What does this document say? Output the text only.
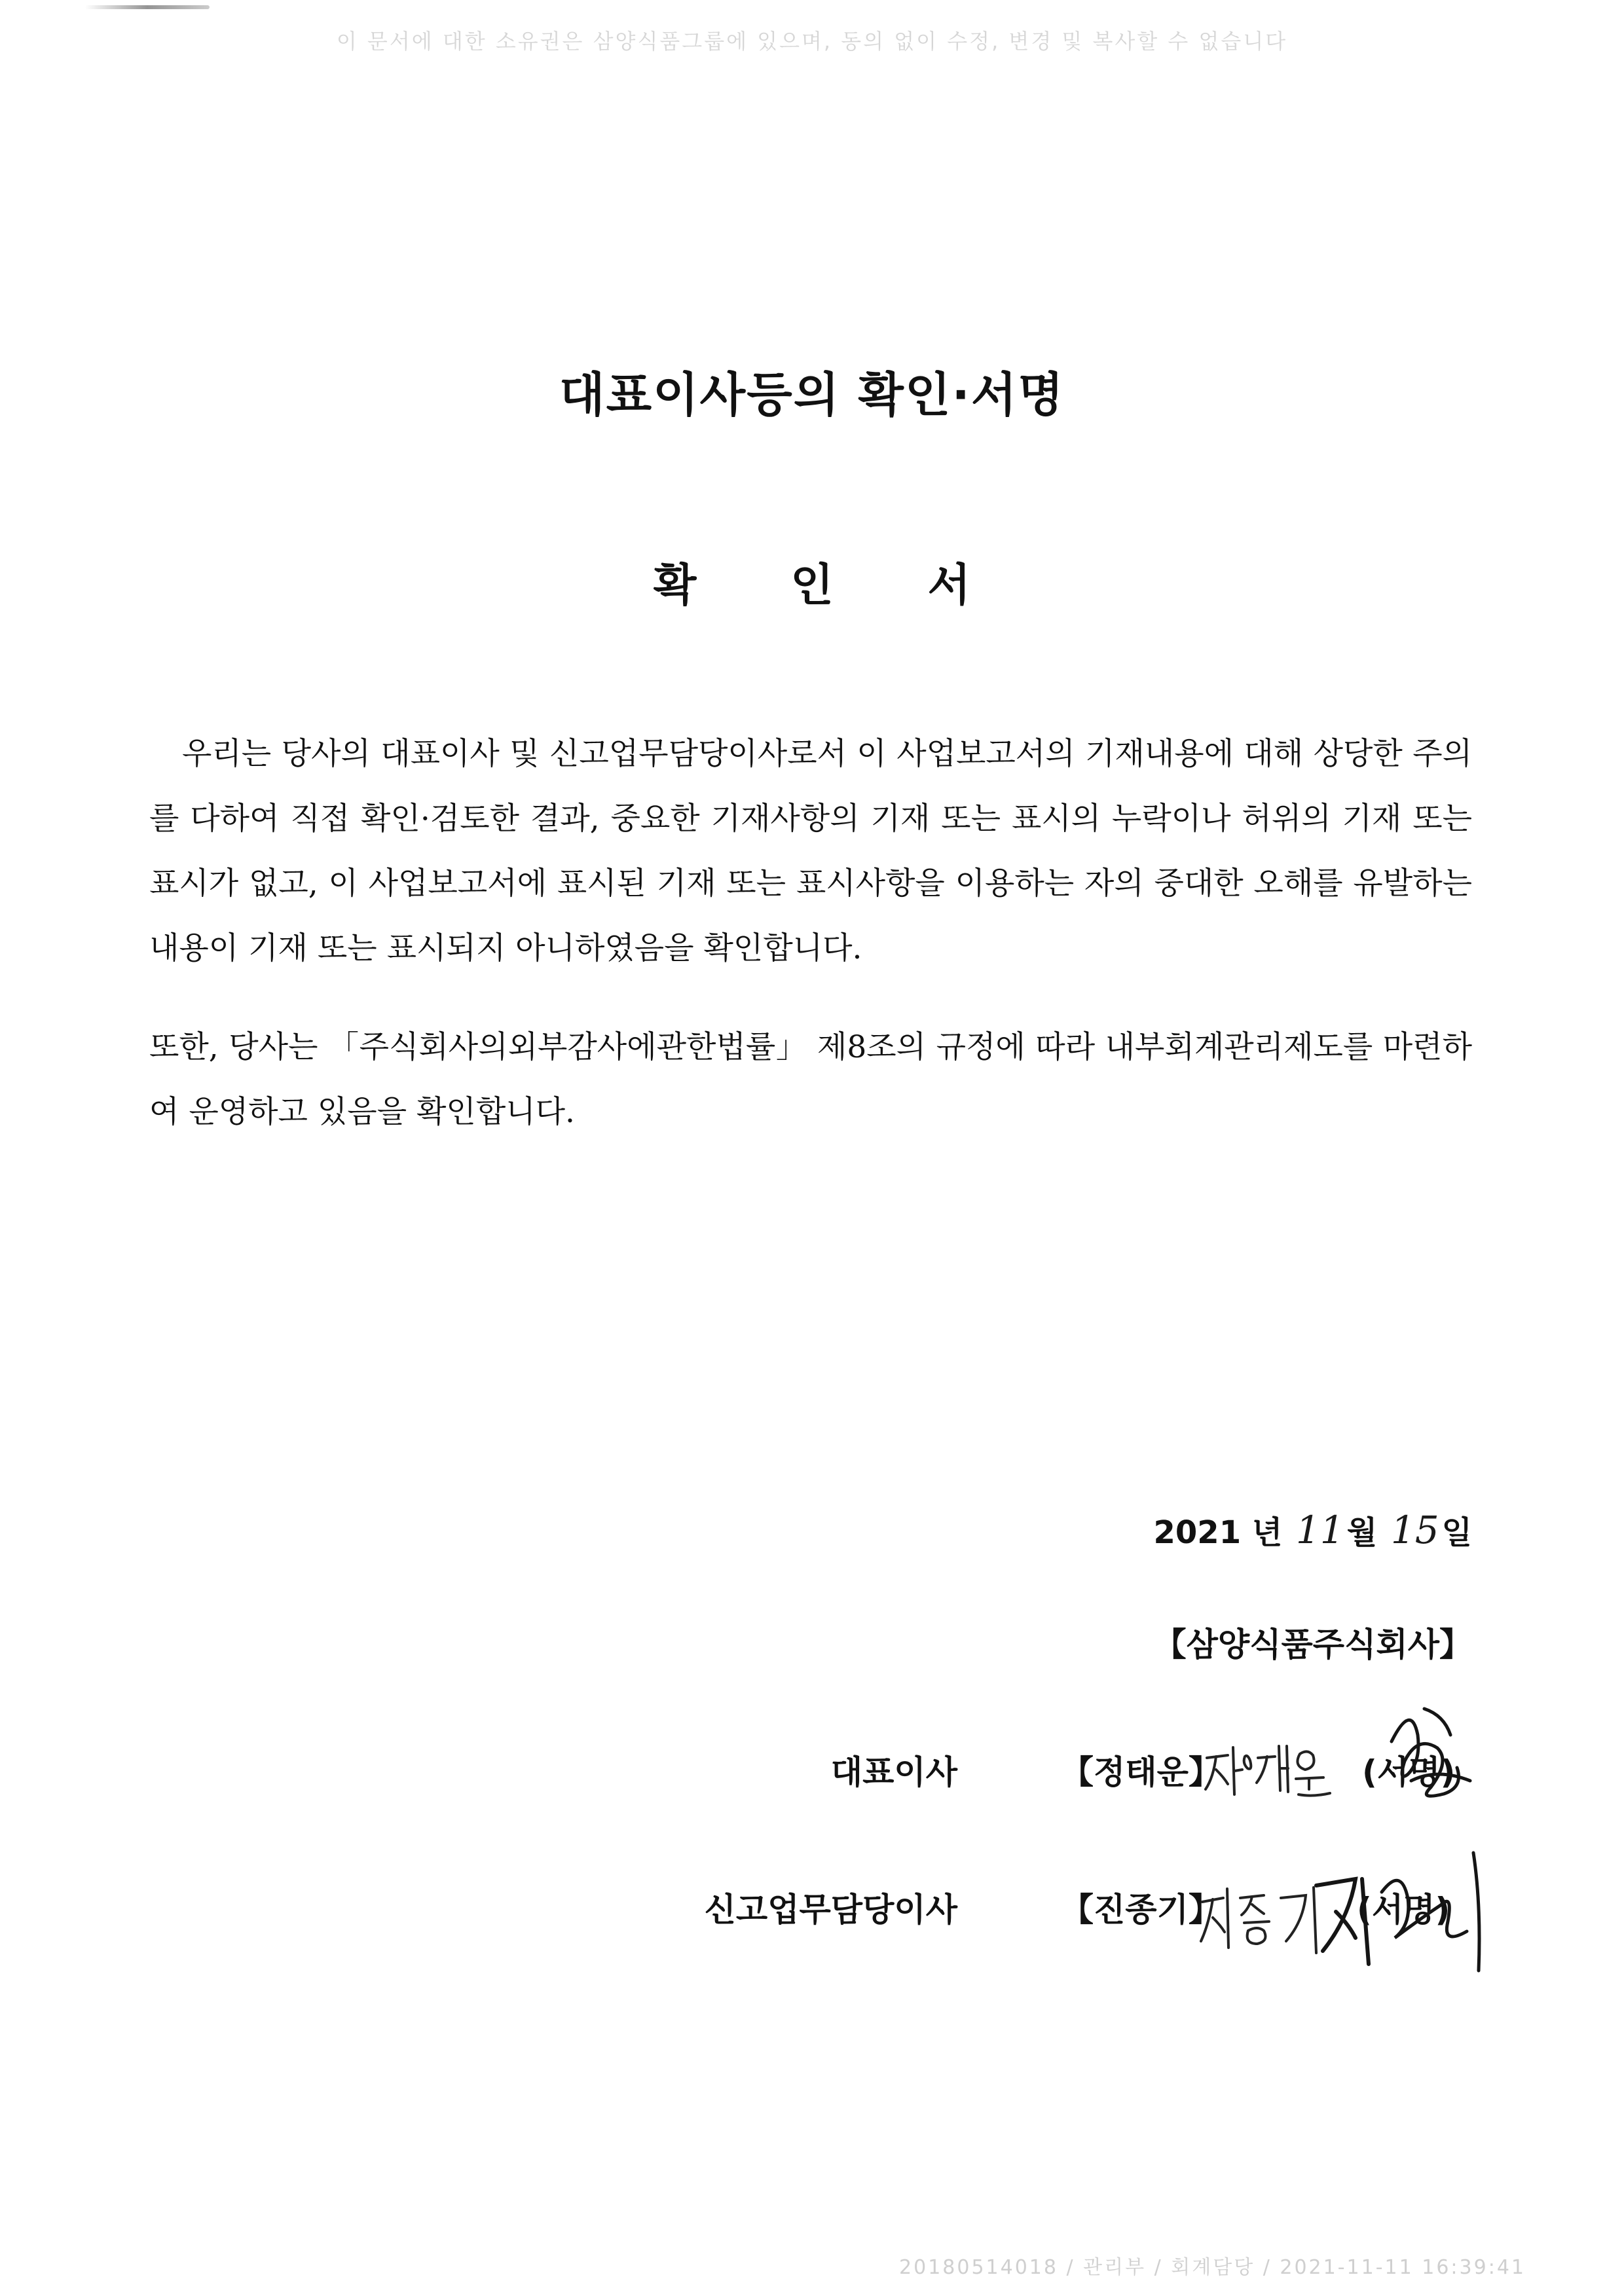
이 문서에 대한 소유권은 삼양식품그룹에 있으며, 동의 없이 수정, 변경 및 복사할 수 없습니다
대표이사등의 확인·서명
확 인 서

우리는 당사의 대표이사 및 신고업무담당이사로서 이 사업보고서의 기재내용에 대해 상당한 주의를 다하여 직접 확인·검토한 결과, 중요한 기재사항의 기재 또는 표시의 누락이나 허위의 기재 또는 표시가 없고, 이 사업보고서에 표시된 기재 또는 표시사항을 이용하는 자의 중대한 오해를 유발하는 내용이 기재 또는 표시되지 아니하였음을 확인합니다.

또한, 당사는 「주식회사의외부감사에관한법률」 제8조의 규정에 따라 내부회계관리제도를 마련하여 운영하고 있음을 확인합니다.

2021 년 11월 15일
【삼양식품주식회사】
대표이사	【정태운】	(서명)
신고업무담당이사	【진종기】	(서명)
20180514018 / 관리부 / 회계담당 / 2021-11-11 16:39:41
